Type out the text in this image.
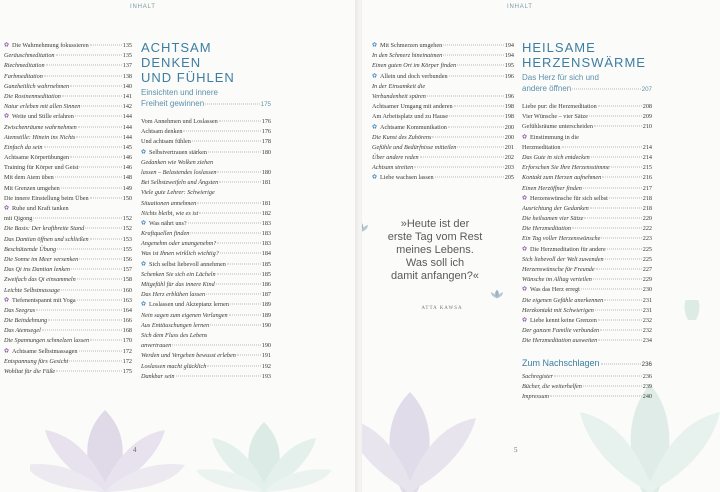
INHALT
✿ Die Wahrnehmung fokussieren	135
Geräuschmeditation	135
Riechmeditation	137
Farbmeditation	138
Ganzheitlich wahrnehmen	140
Die Rosinenmeditation	141
Natur erleben mit allen Sinnen	142
✿ Weite und Stille erfahren	144
Zwischenräume wahrnehmen	144
Atemstille: Hinein ins Nichts	144
Einfach da sein	145
Achtsame Körperübungen	146
Training für Körper und Geist	146
Mit dem Atem üben	148
Mit Grenzen umgehen	149
Die innere Einstellung beim Üben	150
✿ Ruhe und Kraft tanken
mit Qigong	152
Die Basis: Der kraftbreite Stand	152
Das Dantian öffnen und schließen	153
Beschützende Übung	155
Die Sonne im Meer versenken	156
Das Qi ins Dantian lenken	157
Zweifach das Qi einsammeln	158
Leichte Selbstmassage	160
✿ Tiefenentspannt mit Yoga	163
Das Seegras	164
Die Beindehnung	166
Das Atemsegel	168
Die Spannungen schmelzen lassen	170
✿ Achtsame Selbstmassagen	172
Entspannung fürs Gesicht	172
Wohltat für die Füße	175
ACHTSAM DENKEN
UND FÜHLEN
Einsichten und innere
Freiheit gewinnen	175
Vom Annehmen und Loslassen	176
Achtsam denken	176
Und achtsam fühlen	178
✿ Selbstvertrauen stärken	180
Gedanken wie Wolken ziehen
lassen – Belastendes loslassen	180
Bei Selbstzweifeln und Ängsten	181
Viele gute Lehrer: Schwierige
Situationen annehmen	181
Nichts bleibt, wie es ist	182
✿ Was nährt uns?	183
Kraftquellen finden	183
Angenehm oder unangenehm?	183
Was ist Ihnen wirklich wichtig?	184
✿ Sich selbst liebevoll annehmen	185
Schenken Sie sich ein Lächeln	185
Mitgefühl für das innere Kind	186
Das Herz erblühen lassen	187
✿ Loslassen und Akzeptanz lernen	189
Nein sagen zum eigenen Verlangen	189
Aus Enttäuschungen lernen	190
Sich dem Fluss des Lebens
anvertrauen	190
Werden und Vergehen bewusst erleben	191
Loslassen macht glücklich	192
Dankbar sein	193
4
INHALT
✿ Mit Schmerzen umgehen	194
In den Schmerz hineinatmen	194
Einen guten Ort im Körper finden	195
✿ Allein und doch verbunden	196
In der Einsamkeit die
Verbundenheit spüren	196
Achtsamer Umgang mit anderen	198
Am Arbeitsplatz und zu Hause	198
✿ Achtsame Kommunikation	200
Die Kunst des Zuhörens	200
Gefühle und Bedürfnisse mitteilen	201
Über andere reden	202
Achtsam streiten	203
✿ Liebe wachsen lassen	205
»Heute ist der
erste Tag vom Rest
meines Lebens.
Was soll ich
damit anfangen?«
ATTA KAWSA
HEILSAME
HERZENSWÄRME
Das Herz für sich und
andere öffnen	207
Liebe pur: die Herzmeditation	208
Vier Wünsche – vier Sätze	209
Gefühlsräume unterscheiden	210
✿ Einstimmung in die
Herzmeditation	214
Das Gute in sich entdecken	214
Erforschen Sie Ihre Herzensstimme	215
Kontakt zum Herzen aufnehmen	216
Einen Herzöffner finden	217
✿ Herzenswünsche für sich selbst	218
Ausrichtung der Gedanken	218
Die heilsamen vier Sätze	220
Die Herzmeditation	222
Ein Tag voller Herzenswünsche	223
✿ Die Herzmeditation für andere	225
Sich liebevoll der Welt zuwenden	225
Herzenswünsche für Freunde	227
Wünsche im Alltag verteilen	229
✿ Was das Herz erregt	230
Die eigenen Gefühle anerkennen	231
Herzkontakt mit Schwierigen	231
✿ Liebe kennt keine Grenzen	232
Der ganzen Familie verbunden	232
Die Herzmeditation ausweiten	234
Zum Nachschlagen	236
Sachregister	236
Bücher, die weiterhelfen	239
Impressum	240
5
